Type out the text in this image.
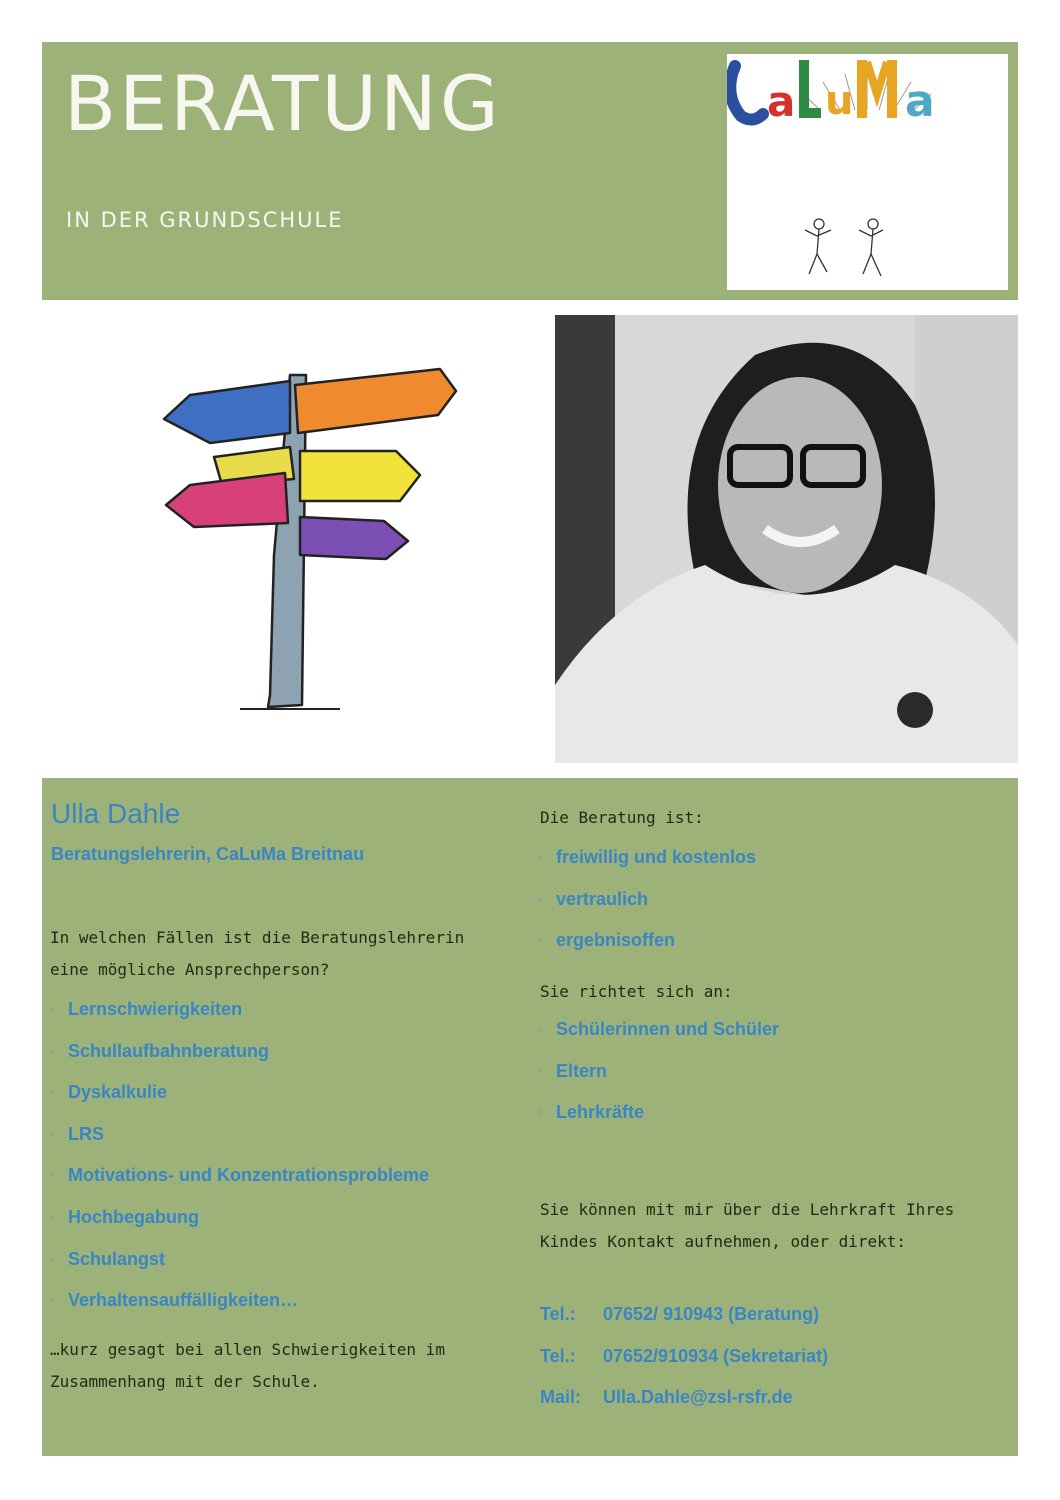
BERATUNG
IN DER GRUNDSCHULE
a u a
Ulla Dahle
Beratungslehrerin, CaLuMa Breitnau
In welchen Fällen ist die Beratungslehrerin eine mögliche Ansprechperson?
• Lernschwierigkeiten
• Schullaufbahnberatung
• Dyskalkulie
• LRS
• Motivations- und Konzentrationsprobleme
• Hochbegabung
• Schulangst
• Verhaltensauffälligkeiten…
…kurz gesagt bei allen Schwierigkeiten im Zusammenhang mit der Schule.
Die Beratung ist:
‣ freiwillig und kostenlos
‣ vertraulich
‣ ergebnisoffen
Sie richtet sich an:
‣ Schülerinnen und Schüler
‣ Eltern
‣ Lehrkräfte
Sie können mit mir über die Lehrkraft Ihres Kindes Kontakt aufnehmen, oder direkt:
Tel.: 07652/ 910943 (Beratung)
Tel.: 07652/910934 (Sekretariat)
Mail: Ulla.Dahle@zsl-rsfr.de
